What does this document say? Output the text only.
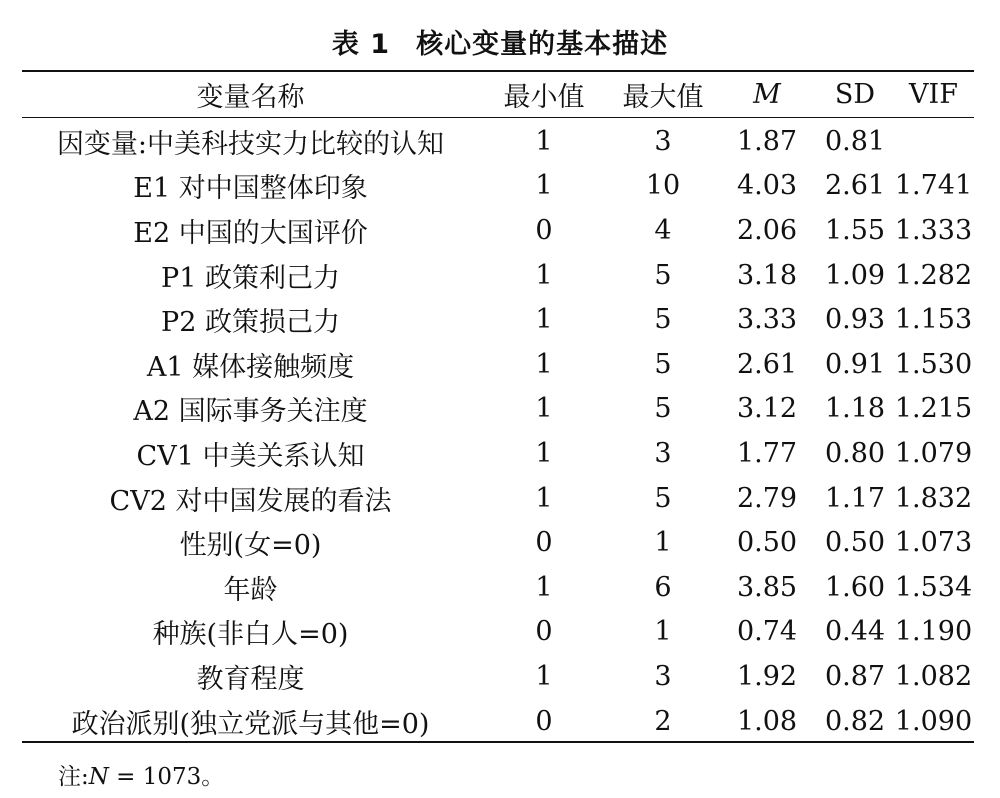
表 1 核心变量的基本描述
变量名称	最小值	最大值	M	SD	VIF
因变量:中美科技实力比较的认知	1	3	1.87	0.81	
E1 对中国整体印象	1	10	4.03	2.61	1.741
E2 中国的大国评价	0	4	2.06	1.55	1.333
P1 政策利己力	1	5	3.18	1.09	1.282
P2 政策损己力	1	5	3.33	0.93	1.153
A1 媒体接触频度	1	5	2.61	0.91	1.530
A2 国际事务关注度	1	5	3.12	1.18	1.215
CV1 中美关系认知	1	3	1.77	0.80	1.079
CV2 对中国发展的看法	1	5	2.79	1.17	1.832
性别(女=0)	0	1	0.50	0.50	1.073
年龄	1	6	3.85	1.60	1.534
种族(非白人=0)	0	1	0.74	0.44	1.190
教育程度	1	3	1.92	0.87	1.082
政治派别(独立党派与其他=0)	0	2	1.08	0.82	1.090
注:N = 1073。
